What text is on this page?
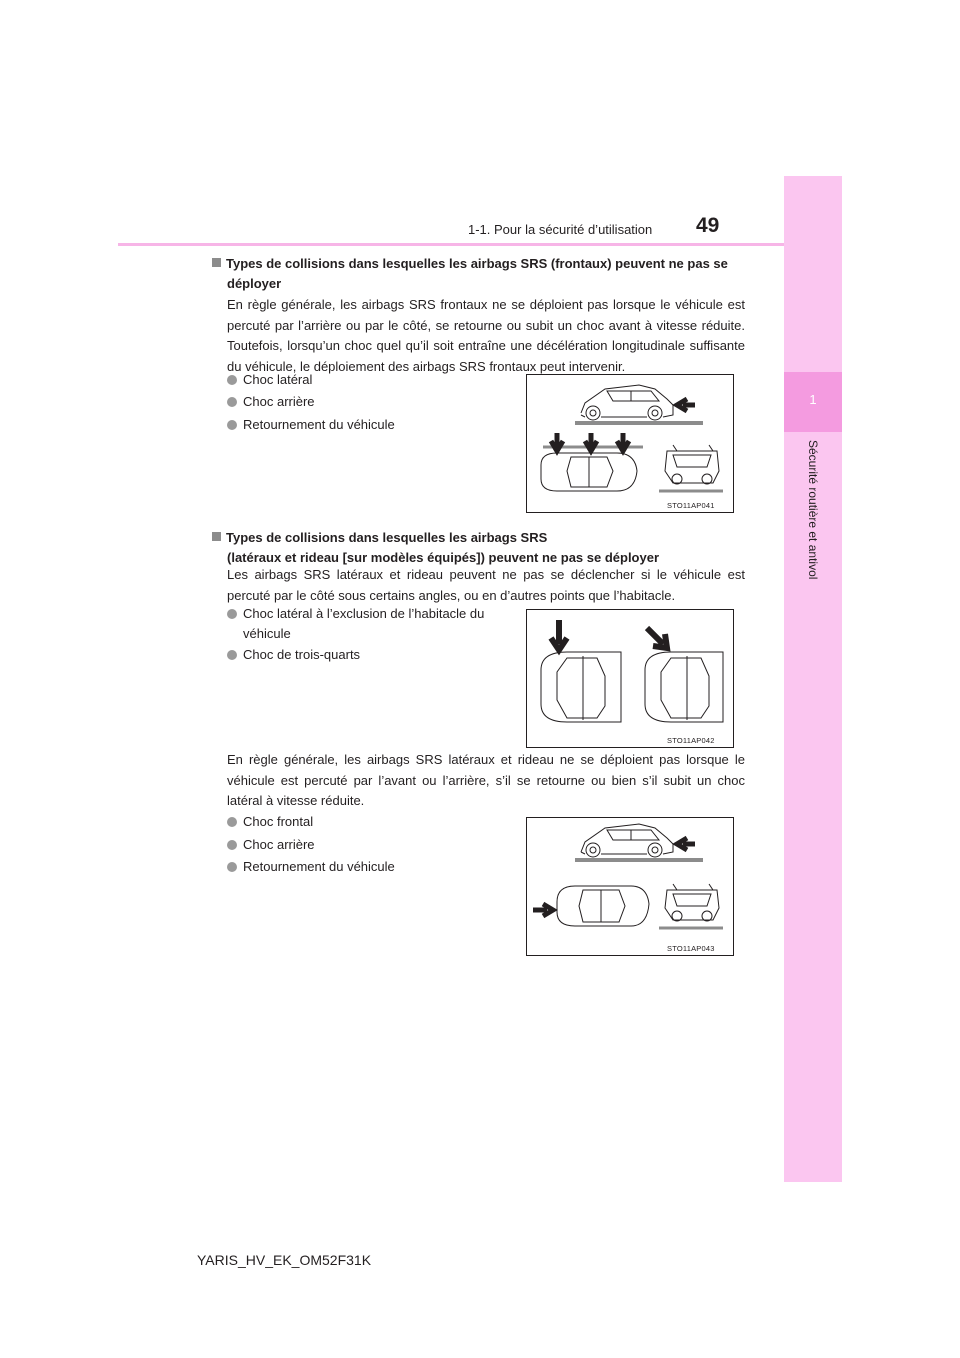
1
Sécurité routière et antivol
1-1. Pour la sécurité d’utilisation 49
Types de collisions dans lesquelles les airbags SRS (frontaux) peuvent ne pas se
déployer
En règle générale, les airbags SRS frontaux ne se déploient pas lorsque le véhicule est percuté par l’arrière ou par le côté, se retourne ou subit un choc avant à vitesse réduite. Toutefois, lorsqu’un choc quel qu’il soit entraîne une décélération longitudinale suffisante du véhicule, le déploiement des airbags SRS frontaux peut intervenir.
Choc latéral
Choc arrière
Retournement du véhicule
STO11AP041
Types de collisions dans lesquelles les airbags SRS
(latéraux et rideau [sur modèles équipés]) peuvent ne pas se déployer
Les airbags SRS latéraux et rideau peuvent ne pas se déclencher si le véhicule est percuté par le côté sous certains angles, ou en d’autres points que l’habitacle.
Choc latéral à l’exclusion de l’habitacle du
véhicule
Choc de trois-quarts
STO11AP042
En règle générale, les airbags SRS latéraux et rideau ne se déploient pas lorsque le véhicule est percuté par l’avant ou l’arrière, s’il se retourne ou bien s’il subit un choc latéral à vitesse réduite.
Choc frontal
Choc arrière
Retournement du véhicule
STO11AP043
YARIS_HV_EK_OM52F31K
